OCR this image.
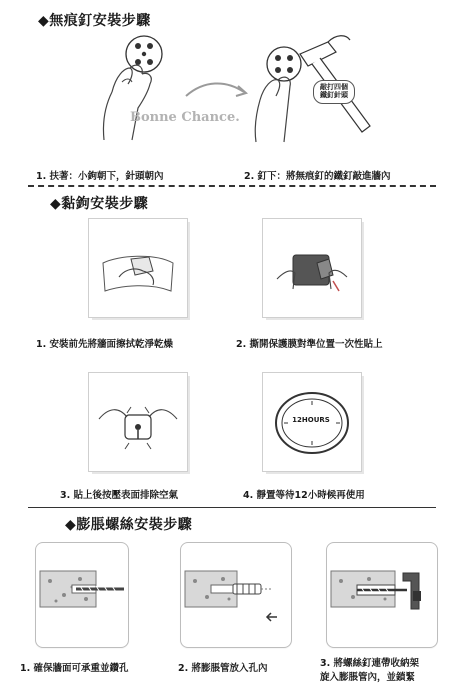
◆無痕釘安裝步驟
Bonne Chance.
敲打四個
鐵釘針頭
1. 扶著：小鉤朝下，針頭朝內	2. 釘下：將無痕釘的鐵釘敲進牆內
◆黏鉤安裝步驟
1. 安裝前先將牆面擦拭乾淨乾燥	2. 撕開保護膜對準位置一次性貼上
12HOURS
3. 貼上後按壓表面排除空氣	4. 靜置等待12小時候再使用
◆膨脹螺絲安裝步驟
1. 確保牆面可承重並鑽孔	2. 將膨脹管放入孔內	3. 將螺絲釘連帶收納架
旋入膨脹管內，並鎖緊
